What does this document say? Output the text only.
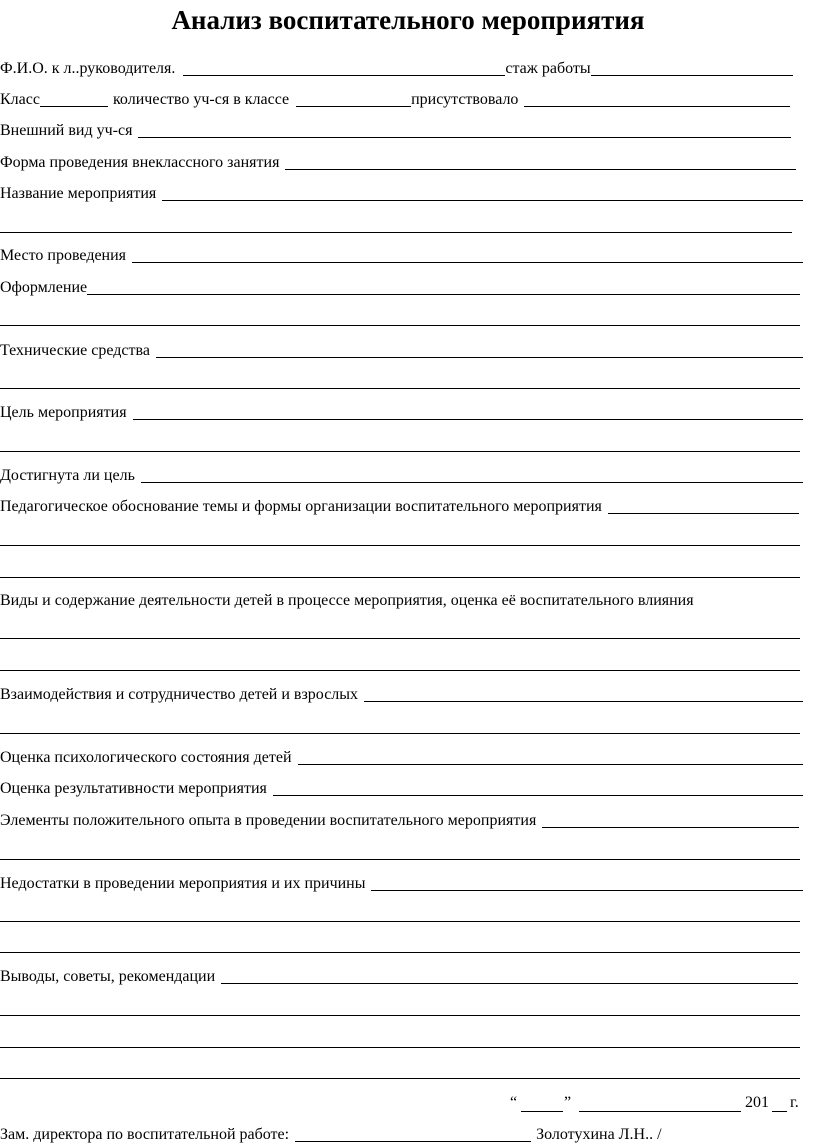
Анализ воспитательного мероприятия
Ф.И.О. к л..руководителя.	стаж работы
Класс	количество уч-ся в классе	присутствовало
Внешний вид уч-ся
Форма проведения внеклассного занятия
Название мероприятия
Место проведения
Оформление
Технические средства
Цель мероприятия
Достигнута ли цель
Педагогическое обоснование темы и формы организации воспитательного мероприятия
Виды и содержание деятельности детей в процессе мероприятия, оценка её воспитательного влияния
Взаимодействия и сотрудничество детей и взрослых
Оценка психологического состояния детей
Оценка результативности мероприятия
Элементы положительного опыта в проведении воспитательного мероприятия
Недостатки в проведении мероприятия и их причины
Выводы, советы, рекомендации
“	”	201 г.
Зам. директора по воспитательной работе:	Золотухина Л.Н.. /
